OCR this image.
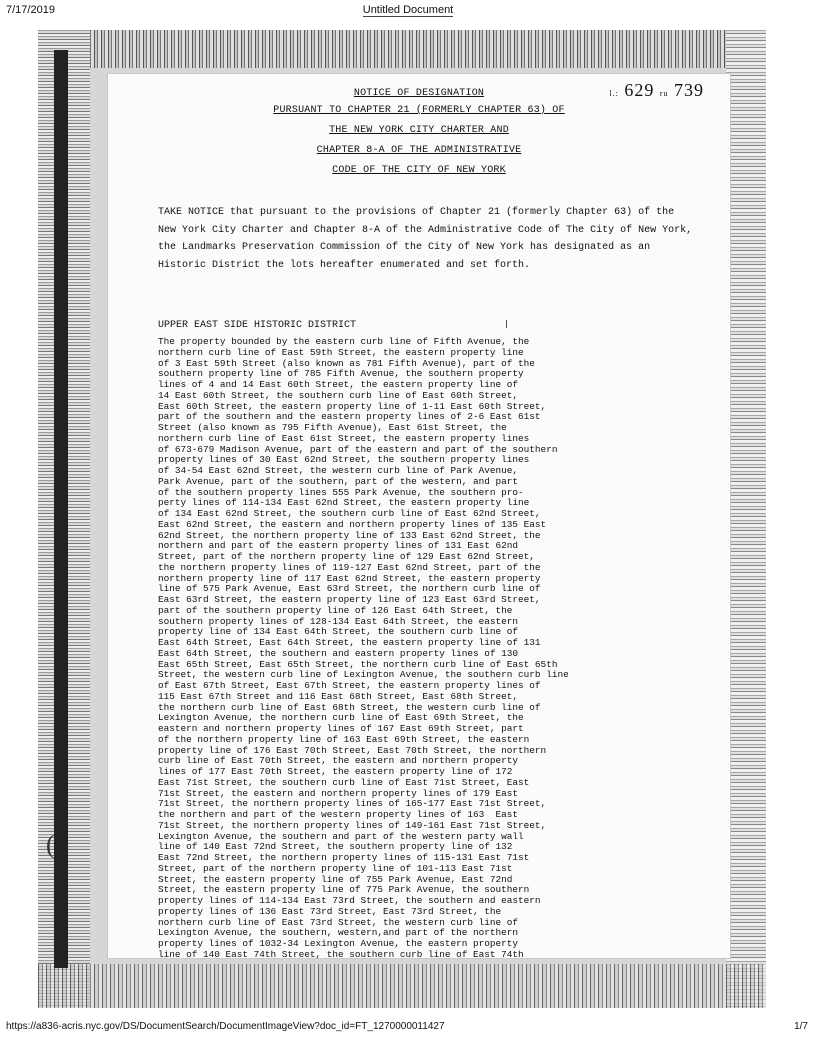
7/17/2019	Untitled Document
(
l.: 629 ru 739
NOTICE OF DESIGNATION
PURSUANT TO CHAPTER 21 (FORMERLY CHAPTER 63) OF
THE NEW YORK CITY CHARTER AND
CHAPTER 8-A OF THE ADMINISTRATIVE
CODE OF THE CITY OF NEW YORK
TAKE NOTICE that pursuant to the provisions of Chapter 21 (formerly Chapter 63) of the New York City Charter and Chapter 8-A of the Administrative Code of The City of New York, the Landmarks Preservation Commission of the City of New York has designated as an Historic District the lots hereafter enumerated and set forth.
UPPER EAST SIDE HISTORIC DISTRICT
The property bounded by the eastern curb line of Fifth Avenue, the
northern curb line of East 59th Street, the eastern property line
of 3 East 59th Street (also known as 781 Fifth Avenue), part of the
southern property line of 785 Fifth Avenue, the southern property
lines of 4 and 14 East 60th Street, the eastern property line of
14 East 60th Street, the southern curb line of East 60th Street,
East 60th Street, the eastern property line of 1-11 East 60th Street,
part of the southern and the eastern property lines of 2-6 East 61st
Street (also known as 795 Fifth Avenue), East 61st Street, the
northern curb line of East 61st Street, the eastern property lines
of 673-679 Madison Avenue, part of the eastern and part of the southern
property lines of 30 East 62nd Street, the southern property lines
of 34-54 East 62nd Street, the western curb line of Park Avenue,
Park Avenue, part of the southern, part of the western, and part
of the southern property lines 555 Park Avenue, the southern pro-
perty lines of 114-134 East 62nd Street, the eastern property line
of 134 East 62nd Street, the southern curb line of East 62nd Street,
East 62nd Street, the eastern and northern property lines of 135 East
62nd Street, the northern property line of 133 East 62nd Street, the
northern and part of the eastern property lines of 131 East 62nd
Street, part of the northern property line of 129 East 62nd Street,
the northern property lines of 119-127 East 62nd Street, part of the
northern property line of 117 East 62nd Street, the eastern property
line of 575 Park Avenue, East 63rd Street, the northern curb line of
East 63rd Street, the eastern property line of 123 East 63rd Street,
part of the southern property line of 126 East 64th Street, the
southern property lines of 128-134 East 64th Street, the eastern
property line of 134 East 64th Street, the southern curb line of
East 64th Street, East 64th Street, the eastern property line of 131
East 64th Street, the southern and eastern property lines of 130
East 65th Street, East 65th Street, the northern curb line of East 65th
Street, the western curb line of Lexington Avenue, the southern curb line
of East 67th Street, East 67th Street, the eastern property lines of
115 East 67th Street and 116 East 68th Street, East 68th Street,
the northern curb line of East 68th Street, the western curb line of
Lexington Avenue, the northern curb line of East 69th Street, the
eastern and northern property lines of 167 East 69th Street, part
of the northern property line of 163 East 69th Street, the eastern
property line of 176 East 70th Street, East 70th Street, the northern
curb line of East 70th Street, the eastern and northern property
lines of 177 East 70th Street, the eastern property line of 172
East 71st Street, the southern curb line of East 71st Street, East
71st Street, the eastern and northern property lines of 179 East
71st Street, the northern property lines of 165-177 East 71st Street,
the northern and part of the western property lines of 163  East
71st Street, the northern property lines of 149-161 East 71st Street,
Lexington Avenue, the southern and part of the western party wall
line of 140 East 72nd Street, the southern property line of 132
East 72nd Street, the northern property lines of 115-131 East 71st
Street, part of the northern property line of 101-113 East 71st
Street, the eastern property line of 755 Park Avenue, East 72nd
Street, the eastern property line of 775 Park Avenue, the southern
property lines of 114-134 East 73rd Street, the southern and eastern
property lines of 136 East 73rd Street, East 73rd Street, the
northern curb line of East 73rd Street, the western curb line of
Lexington Avenue, the southern, western,and part of the northern
property lines of 1032-34 Lexington Avenue, the eastern property
line of 140 East 74th Street, the southern curb line of East 74th
https://a836-acris.nyc.gov/DS/DocumentSearch/DocumentImageView?doc_id=FT_1270000011427	1/7
